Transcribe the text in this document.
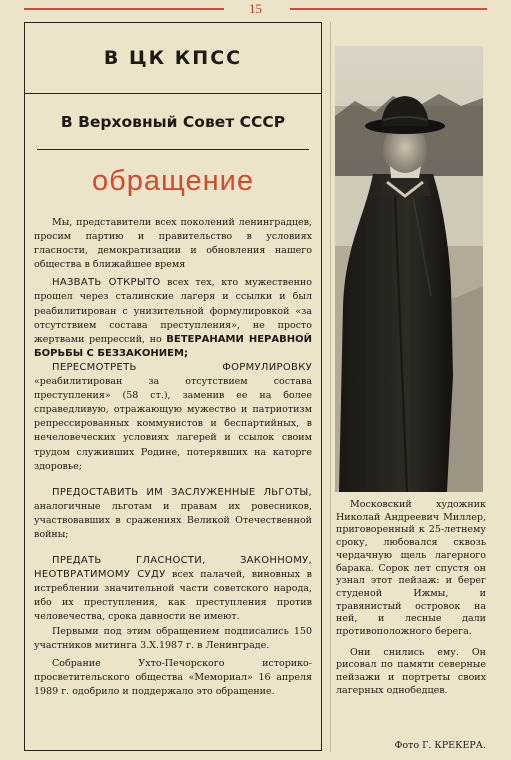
15
В ЦК КПСС
В Верховный Совет СССР
обращение

Мы, представители всех поколений ленинградцев, просим партию и правительство в условиях гласности, демократизации и обновления нашего общества в ближайшее время

НАЗВАТЬ ОТКРЫТО всех тех, кто мужественно прошел через сталинские лагеря и ссылки и был реабилитирован с унизительной формулировкой «за отсутствием состава преступления», не просто жертвами репрессий, но ВЕТЕРАНАМИ НЕРАВНОЙ БОРЬБЫ С БЕЗЗАКОНИЕМ;

ПЕРЕСМОТРЕТЬ ФОРМУЛИРОВКУ «реабилитирован за отсутствием состава преступления» (58 ст.), заменив ее на более справедливую, отражающую мужество и патриотизм репрессированных коммунистов и беспартийных, в нечеловеческих условиях лагерей и ссылок своим трудом служивших Родине, потерявших на каторге здоровье;

ПРЕДОСТАВИТЬ ИМ ЗАСЛУЖЕННЫЕ ЛЬГОТЫ, аналогичные льготам и правам их ровесников, участвовавших в сражениях Великой Отечественной войны;

ПРЕДАТЬ ГЛАСНОСТИ, ЗАКОННОМУ, НЕОТВРАТИМОМУ СУДУ всех палачей, виновных в истреблении значительной части советского народа, ибо их преступления, как преступления против человечества, срока давности не имеют.

Первыми под этим обращением подписались 150 участников митинга 3.X.1987 г. в Ленинграде.

Собрание Ухто-Печорского историко-просветительского общества «Мемориал» 16 апреля 1989 г. одобрило и поддержало это обращение.

Московский художник Николай Андреевич Миллер, приговоренный к 25-летнему сроку, любовался сквозь чердачную щель лагерного барака. Сорок лет спустя он узнал этот пейзаж: и берег студеной Ижмы, и травянистый островок на ней, и лесные дали противоположного берега.

Они снились ему. Он рисовал по памяти северные пейзажи и портреты своих лагерных однобедцев.

Фото Г. КРЕКЕРА.
